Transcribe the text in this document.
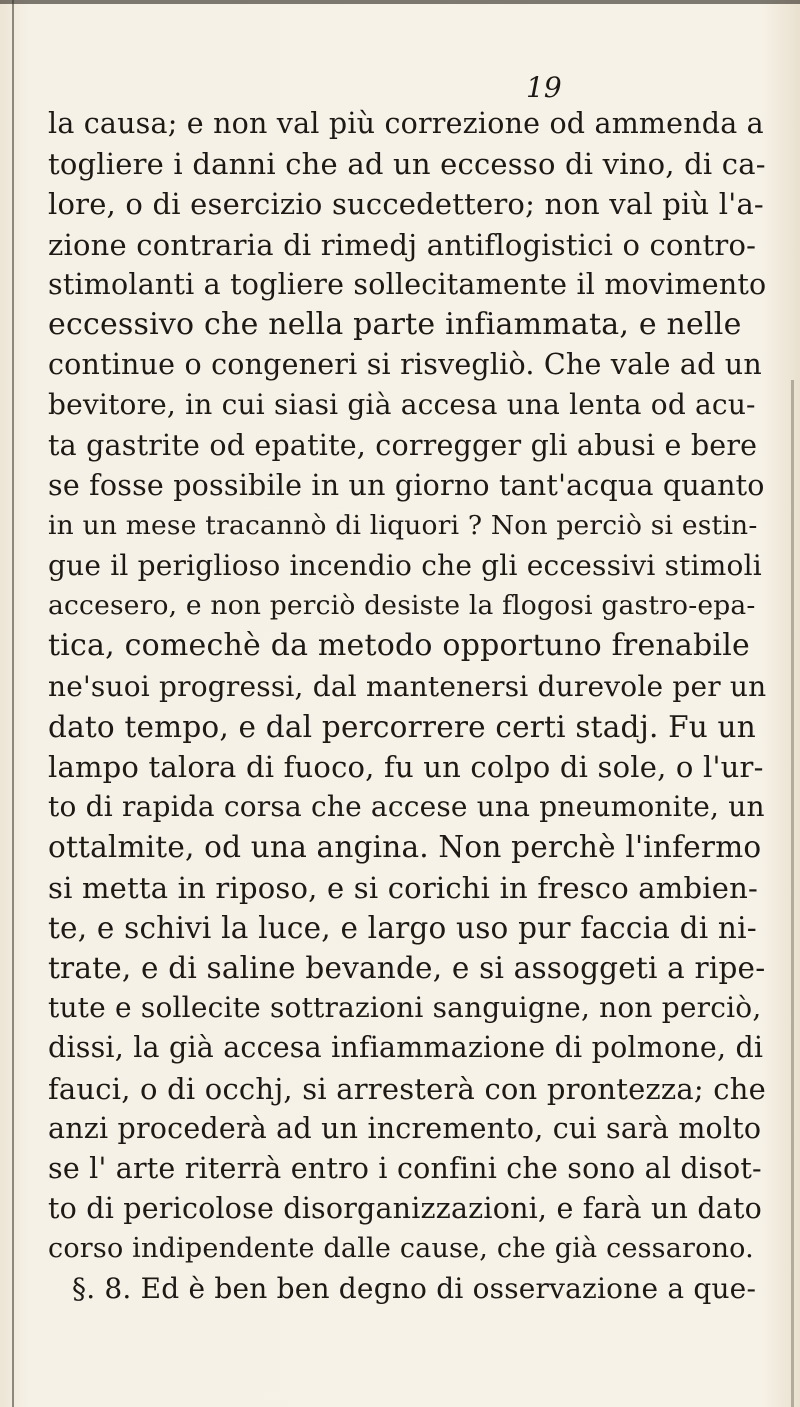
19
la causa; e non val più correzione od ammenda a
togliere i danni che ad un eccesso di vino, di ca-
lore, o di esercizio succedettero; non val più l'a-
zione contraria di rimedj antiflogistici o contro-
stimolanti a togliere sollecitamente il movimento
eccessivo che nella parte infiammata, e nelle
continue o congeneri si risvegliò. Che vale ad un
bevitore, in cui siasi già accesa una lenta od acu-
ta gastrite od epatite, corregger gli abusi e bere
se fosse possibile in un giorno tant'acqua quanto
in un mese tracannò di liquori ? Non perciò si estin-
gue il periglioso incendio che gli eccessivi stimoli
accesero, e non perciò desiste la flogosi gastro-epa-
tica, comechè da metodo opportuno frenabile
ne'suoi progressi, dal mantenersi durevole per un
dato tempo, e dal percorrere certi stadj. Fu un
lampo talora di fuoco, fu un colpo di sole, o l'ur-
to di rapida corsa che accese una pneumonite, un
ottalmite, od una angina. Non perchè l'infermo
si metta in riposo, e si corichi in fresco ambien-
te, e schivi la luce, e largo uso pur faccia di ni-
trate, e di saline bevande, e si assoggeti a ripe-
tute e sollecite sottrazioni sanguigne, non perciò,
dissi, la già accesa infiammazione di polmone, di
fauci, o di occhj, si arresterà con prontezza; che
anzi procederà ad un incremento, cui sarà molto
se l' arte riterrà entro i confini che sono al disot-
to di pericolose disorganizzazioni, e farà un dato
corso indipendente dalle cause, che già cessarono.
§. 8. Ed è ben ben degno di osservazione a que-
